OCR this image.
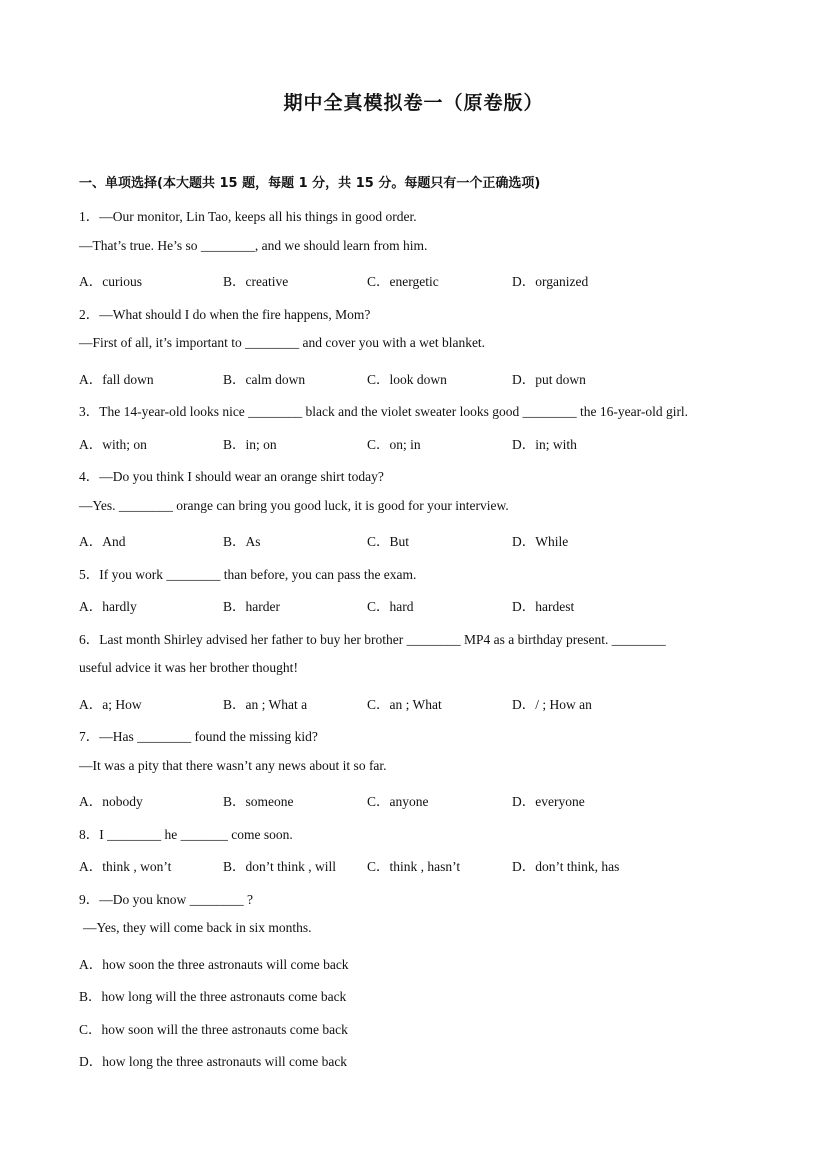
期中全真模拟卷一（原卷版）
一、单项选择(本大题共 15 题，每题 1 分，共 15 分。每题只有一个正确选项)
1．—Our monitor, Lin Tao, keeps all his things in good order.
—That’s true. He’s so ________, and we should learn from him.
A．curious	B．creative	C．energetic	D．organized
2．—What should I do when the fire happens, Mom?
—First of all, it’s important to ________ and cover you with a wet blanket.
A．fall down	B．calm down	C．look down	D．put down
3．The 14-year-old looks nice ________ black and the violet sweater looks good ________ the 16-year-old girl.
A．with; on	B．in; on	C．on; in	D．in; with
4．—Do you think I should wear an orange shirt today?
—Yes. ________ orange can bring you good luck, it is good for your interview.
A．And	B．As	C．But	D．While
5．If you work ________ than before, you can pass the exam.
A．hardly	B．harder	C．hard	D．hardest
6．Last month Shirley advised her father to buy her brother ________ MP4 as a birthday present. ________
useful advice it was her brother thought!
A．a; How	B．an ; What a	C．an ; What	D．/ ; How an
7．—Has ________ found the missing kid?
—It was a pity that there wasn’t any news about it so far.
A．nobody	B．someone	C．anyone	D．everyone
8．I ________ he _______ come soon.
A．think , won’t	B．don’t think , will C．think , hasn’t	D．don’t think, has
9．—Do you know ________ ?
—Yes, they will come back in six months.
A．how soon the three astronauts will come back
B．how long will the three astronauts come back
C．how soon will the three astronauts come back
D．how long the three astronauts will come back
